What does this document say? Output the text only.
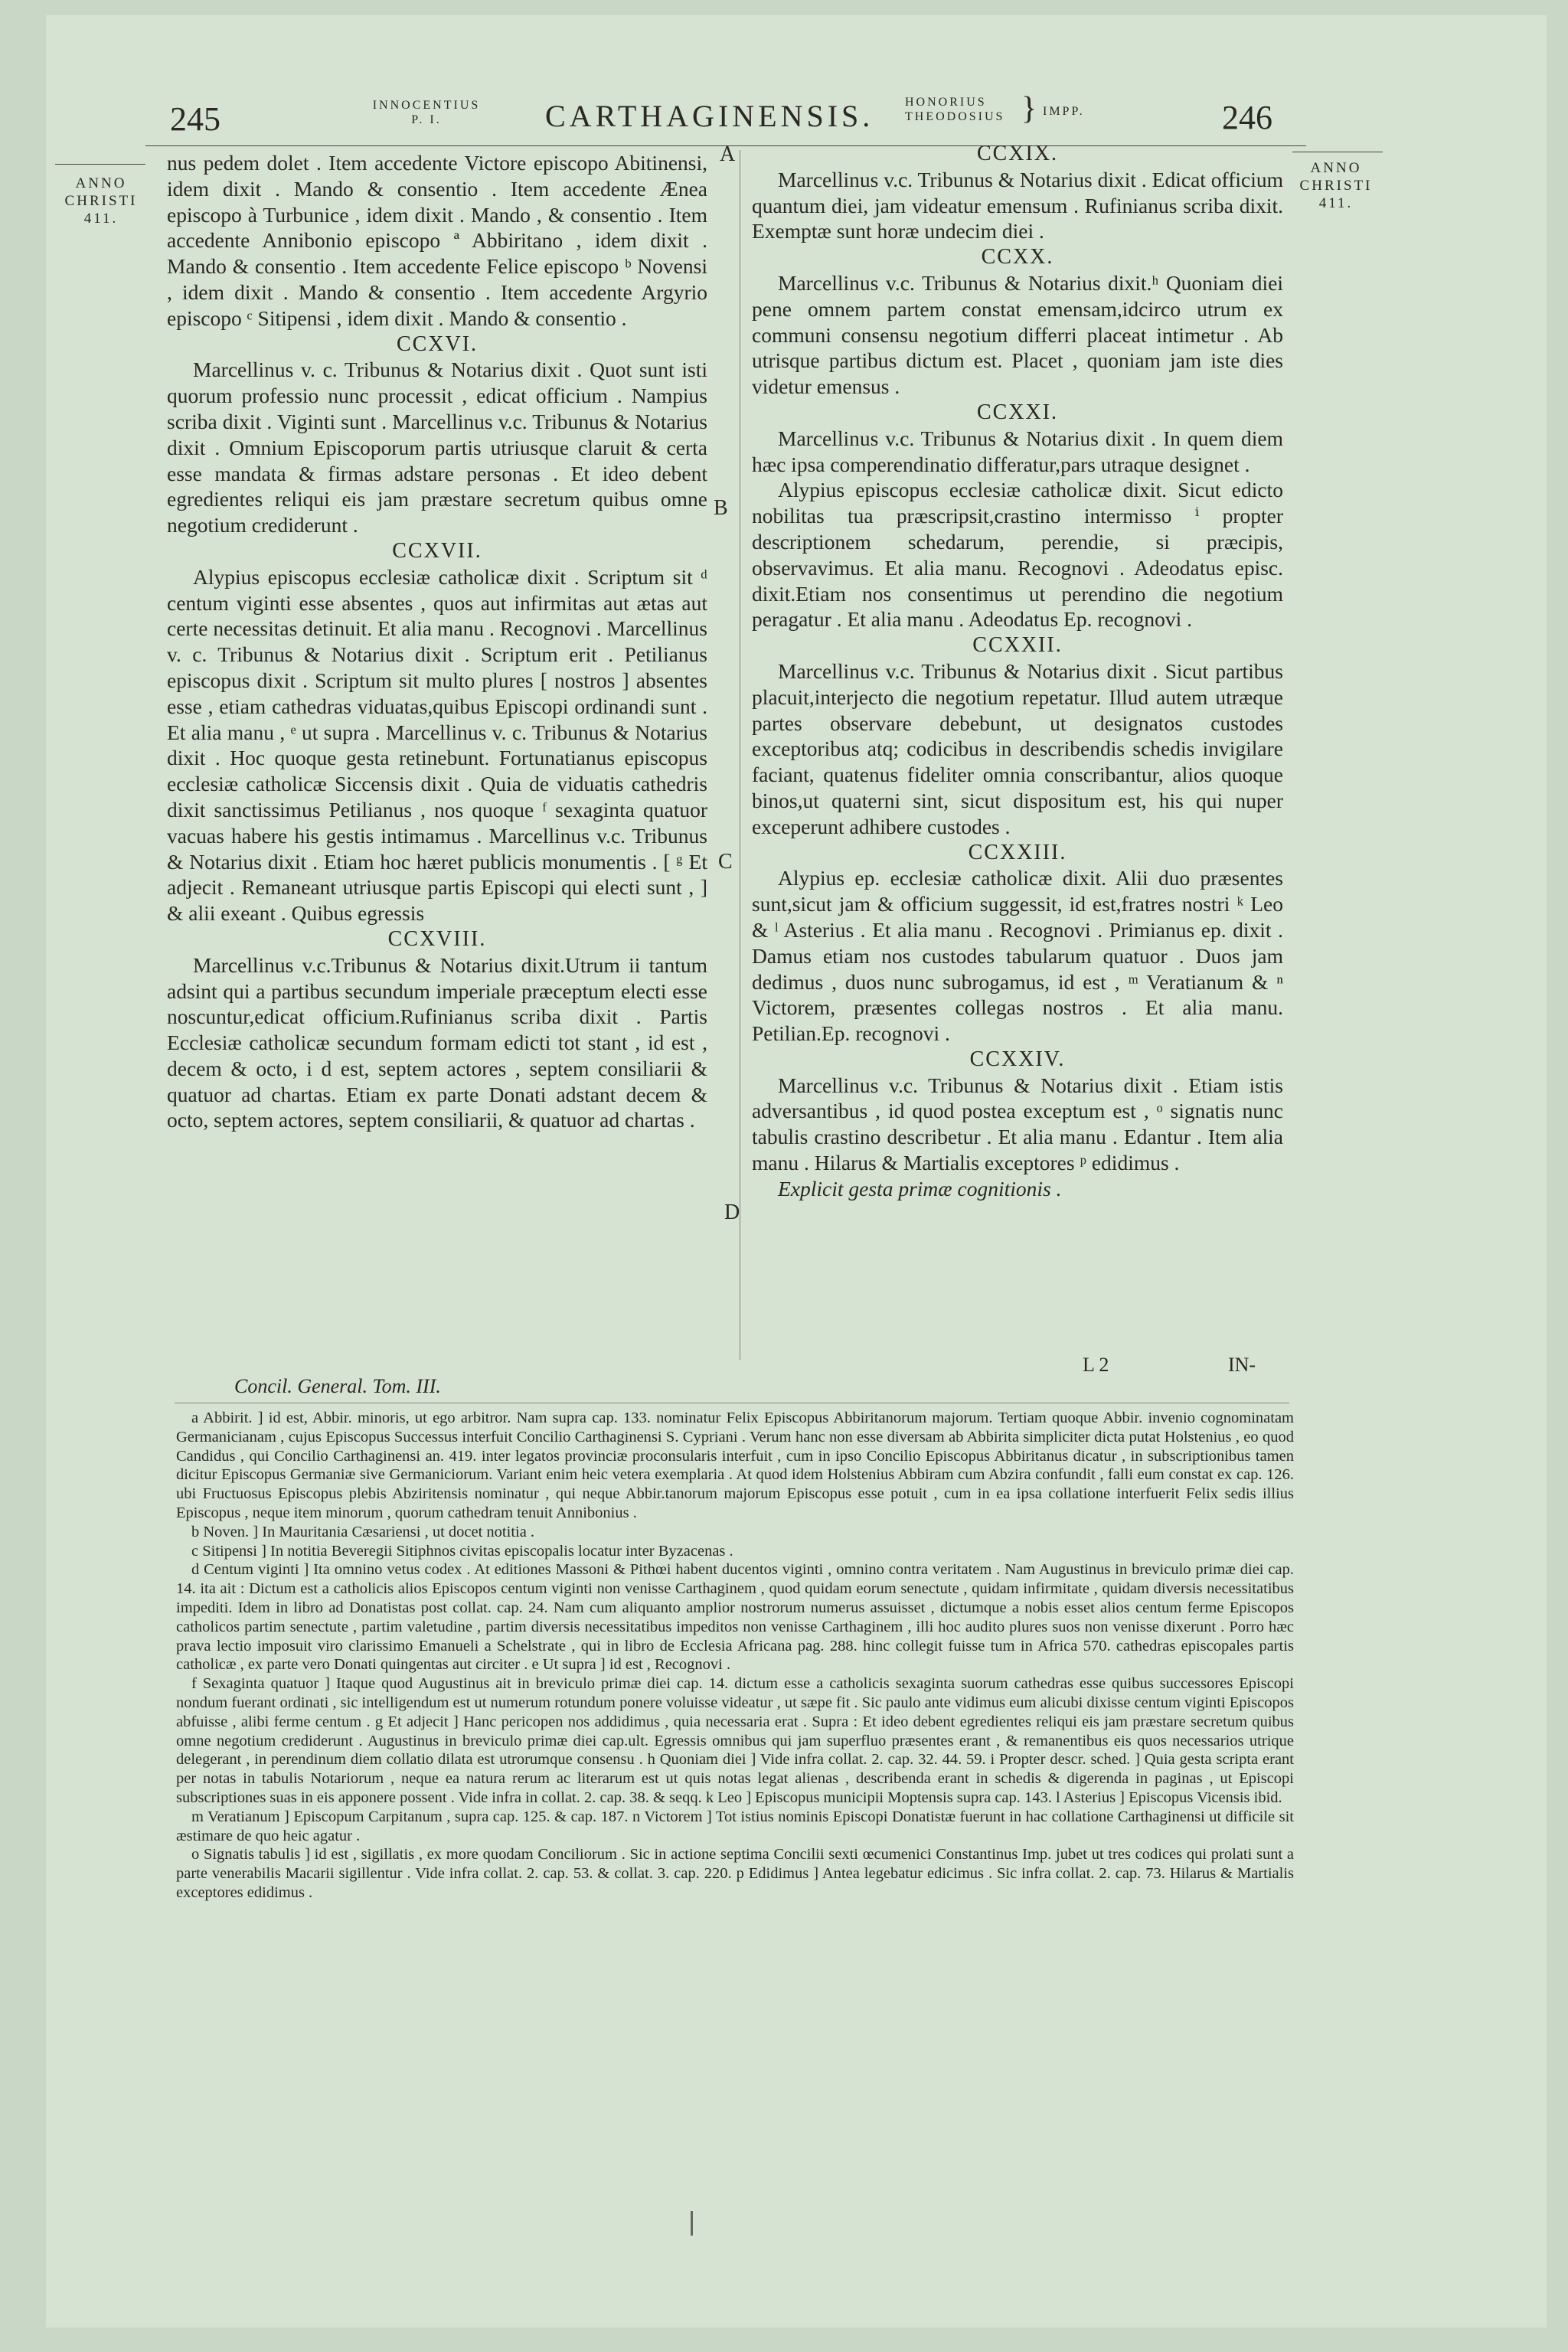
245	INNOCENTIUS
P. I.	CARTHAGINENSIS.	HONORIUS
THEODOSIUS } IMPP.	246
ANNO
CHRISTI
411.
ANNO
CHRISTI
411.
A
B
C
D

nus pedem dolet . Item accedente Victore episcopo Abitinensi, idem dixit . Mando & consentio . Item accedente Æneа episcopo à Turbunice , idem dixit . Mando , & consentio . Item accedente Annibonio episcopo ª Abbiritano , idem dixit . Mando & consentio . Item accedente Felice episcopo ᵇ Novensi , idem dixit . Mando & consentio . Item accedente Argyrio episcopo ᶜ Sitipensi , idem dixit . Mando & consentio .

CCXVI.

Marcellinus v. c. Tribunus & Notarius dixit . Quot sunt isti quorum professio nunc processit , edicat officium . Nampius scriba dixit . Viginti sunt . Marcellinus v.c. Tribunus & Notarius dixit . Omnium Episcoporum partis utriusque claruit & certa esse mandata & firmas adstare personas . Et ideo debent egredientes reliqui eis jam præstare secretum quibus omne negotium crediderunt .

CCXVII.

Alypius episcopus ecclesiæ catholicæ dixit . Scriptum sit ᵈ centum viginti esse absentes , quos aut infirmitas aut ætas aut certe necessitas detinuit. Et alia manu . Recognovi . Marcellinus v. c. Tribunus & Notarius dixit . Scriptum erit . Petilianus episcopus dixit . Scriptum sit multo plures [ nostros ] absentes esse , etiam cathedras viduatas,quibus Episcopi ordinandi sunt . Et alia manu , ᵉ ut supra . Marcellinus v. c. Tribunus & Notarius dixit . Hoc quoque gesta retinebunt. Fortunatianus episcopus ecclesiæ catholicæ Siccensis dixit . Quia de viduatis cathedris dixit sanctissimus Petilianus , nos quoque ᶠ sexaginta quatuor vacuas habere his gestis intimamus . Marcellinus v.c. Tribunus & Notarius dixit . Etiam hoc hæret publicis monumentis . [ ᵍ Et adjecit . Remaneant utriusque partis Episcopi qui electi sunt , ] & alii exeant . Quibus egressis

CCXVIII.

Marcellinus v.c.Tribunus & Notarius dixit.Utrum ii tantum adsint qui a partibus secundum imperiale præceptum electi esse noscuntur,edicat officium.Rufinianus scriba dixit . Partis Ecclesiæ catholicæ secundum formam edicti tot stant , id est , decem & octo, i d est, septem actores , septem consiliarii & quatuor ad chartas. Etiam ex parte Donati adstant decem & octo, septem actores, septem consiliarii, & quatuor ad chartas .

CCXIX.

Marcellinus v.c. Tribunus & Notarius dixit . Edicat officium quantum diei, jam videatur emensum . Rufinianus scriba dixit. Exemptæ sunt horæ undecim diei .

CCXX.

Marcellinus v.c. Tribunus & Notarius dixit.ʰ Quoniam diei pene omnem partem constat emensam,idcirco utrum ex communi consensu negotium differri placeat intimetur . Ab utrisque partibus dictum est. Placet , quoniam jam iste dies videtur emensus .

CCXXI.

Marcellinus v.c. Tribunus & Notarius dixit . In quem diem hæc ipsa comperendinatio differatur,pars utraque designet .

Alypius episcopus ecclesiæ catholicæ dixit. Sicut edicto nobilitas tua præscripsit,crastino intermisso ⁱ propter descriptionem schedarum, perendie, si præcipis, observavimus. Et alia manu. Recognovi . Adeodatus episc. dixit.Etiam nos consentimus ut perendino die negotium peragatur . Et alia manu . Adeodatus Ep. recognovi .

CCXXII.

Marcellinus v.c. Tribunus & Notarius dixit . Sicut partibus placuit,interjecto die negotium repetatur. Illud autem utræque partes observare debebunt, ut designatos custodes exceptoribus atq; codicibus in describendis schedis invigilare faciant, quatenus fideliter omnia conscribantur, alios quoque binos,ut quaterni sint, sicut dispositum est, his qui nuper exceperunt adhibere custodes .

CCXXIII.

Alypius ep. ecclesiæ catholicæ dixit. Alii duo præsentes sunt,sicut jam & officium suggessit, id est,fratres nostri ᵏ Leo & ˡ Asterius . Et alia manu . Recognovi . Primianus ep. dixit . Damus etiam nos custodes tabularum quatuor . Duos jam dedimus , duos nunc subrogamus, id est , ᵐ Veratianum & ⁿ Victorem, præsentes collegas nostros . Et alia manu. Petilian.Ep. recognovi .

CCXXIV.

Marcellinus v.c. Tribunus & Notarius dixit . Etiam istis adversantibus , id quod postea exceptum est , ᵒ signatis nunc tabulis crastino describetur . Et alia manu . Edantur . Item alia manu . Hilarus & Martialis exceptores ᵖ edidimus .

Explicit gesta primæ cognitionis .

Concil. General. Tom. III.
L 2	IN-

a Abbirit. ] id est, Abbir. minoris, ut ego arbitror. Nam supra cap. 133. nominatur Felix Episcopus Abbiritanorum majorum. Tertiam quoque Abbir. invenio cognominatam Germanicianam , cujus Episcopus Successus interfuit Concilio Carthaginensi S. Cypriani . Verum hanc non esse diversam ab Abbirita simpliciter dicta putat Holstenius , eo quod Candidus , qui Concilio Carthaginensi an. 419. inter legatos provinciæ proconsularis interfuit , cum in ipso Concilio Episcopus Abbiritanus dicatur , in subscriptionibus tamen dicitur Episcopus Germaniæ sive Germaniciorum. Variant enim heic vetera exemplaria . At quod idem Holstenius Abbiram cum Abzira confundit , falli eum constat ex cap. 126. ubi Fructuosus Episcopus plebis Abziritensis nominatur , qui neque Abbir.tanorum majorum Episcopus esse potuit , cum in ea ipsa collatione interfuerit Felix sedis illius Episcopus , neque item minorum , quorum cathedram tenuit Annibonius .

b Noven. ] In Mauritania Cæsariensi , ut docet notitia .

c Sitipensi ] In notitia Beveregii Sitiphnos civitas episcopalis locatur inter Byzacenas .

d Centum viginti ] Ita omnino vetus codex . At editiones Massoni & Pithœi habent ducentos viginti , omnino contra veritatem . Nam Augustinus in breviculo primæ diei cap. 14. ita ait : Dictum est a catholicis alios Episcopos centum viginti non venisse Carthaginem , quod quidam eorum senectute , quidam infirmitate , quidam diversis necessitatibus impediti. Idem in libro ad Donatistas post collat. cap. 24. Nam cum aliquanto amplior nostrorum numerus assuisset , dictumque a nobis esset alios centum ferme Episcopos catholicos partim senectute , partim valetudine , partim diversis necessitatibus impeditos non venisse Carthaginem , illi hoc audito plures suos non venisse dixerunt . Porro hæc prava lectio imposuit viro clarissimo Emanueli a Schelstrate , qui in libro de Ecclesia Africana pag. 288. hinc collegit fuisse tum in Africa 570. cathedras episcopales partis catholicæ , ex parte vero Donati quingentas aut circiter . e Ut supra ] id est , Recognovi .

f Sexaginta quatuor ] Itaque quod Augustinus ait in breviculo primæ diei cap. 14. dictum esse a catholicis sexaginta suorum cathedras esse quibus successores Episcopi nondum fuerant ordinati , sic intelligendum est ut numerum rotundum ponere voluisse videatur , ut sæpe fit . Sic paulo ante vidimus eum alicubi dixisse centum viginti Episcopos abfuisse , alibi ferme centum . g Et adjecit ] Hanc pericopen nos addidimus , quia necessaria erat . Supra : Et ideo debent egredientes reliqui eis jam præstare secretum quibus omne negotium crediderunt . Augustinus in breviculo primæ diei cap.ult. Egressis omnibus qui jam superfluo præsentes erant , & remanentibus eis quos necessarios utrique delegerant , in perendinum diem collatio dilata est utrorumque consensu . h Quoniam diei ] Vide infra collat. 2. cap. 32. 44. 59. i Propter descr. sched. ] Quia gesta scripta erant per notas in tabulis Notariorum , neque ea natura rerum ac literarum est ut quis notas legat alienas , describenda erant in schedis & digerenda in paginas , ut Episcopi subscriptiones suas in eis apponere possent . Vide infra in collat. 2. cap. 38. & seqq. k Leo ] Episcopus municipii Moptensis supra cap. 143. l Asterius ] Episcopus Vicensis ibid.

m Veratianum ] Episcopum Carpitanum , supra cap. 125. & cap. 187. n Victorem ] Tot istius nominis Episcopi Donatistæ fuerunt in hac collatione Carthaginensi ut difficile sit æstimare de quo heic agatur .

o Signatis tabulis ] id est , sigillatis , ex more quodam Conciliorum . Sic in actione septima Concilii sexti œcumenici Constantinus Imp. jubet ut tres codices qui prolati sunt a parte venerabilis Macarii sigillentur . Vide infra collat. 2. cap. 53. & collat. 3. cap. 220. p Edidimus ] Antea legebatur edicimus . Sic infra collat. 2. cap. 73. Hilarus & Martialis exceptores edidimus .
